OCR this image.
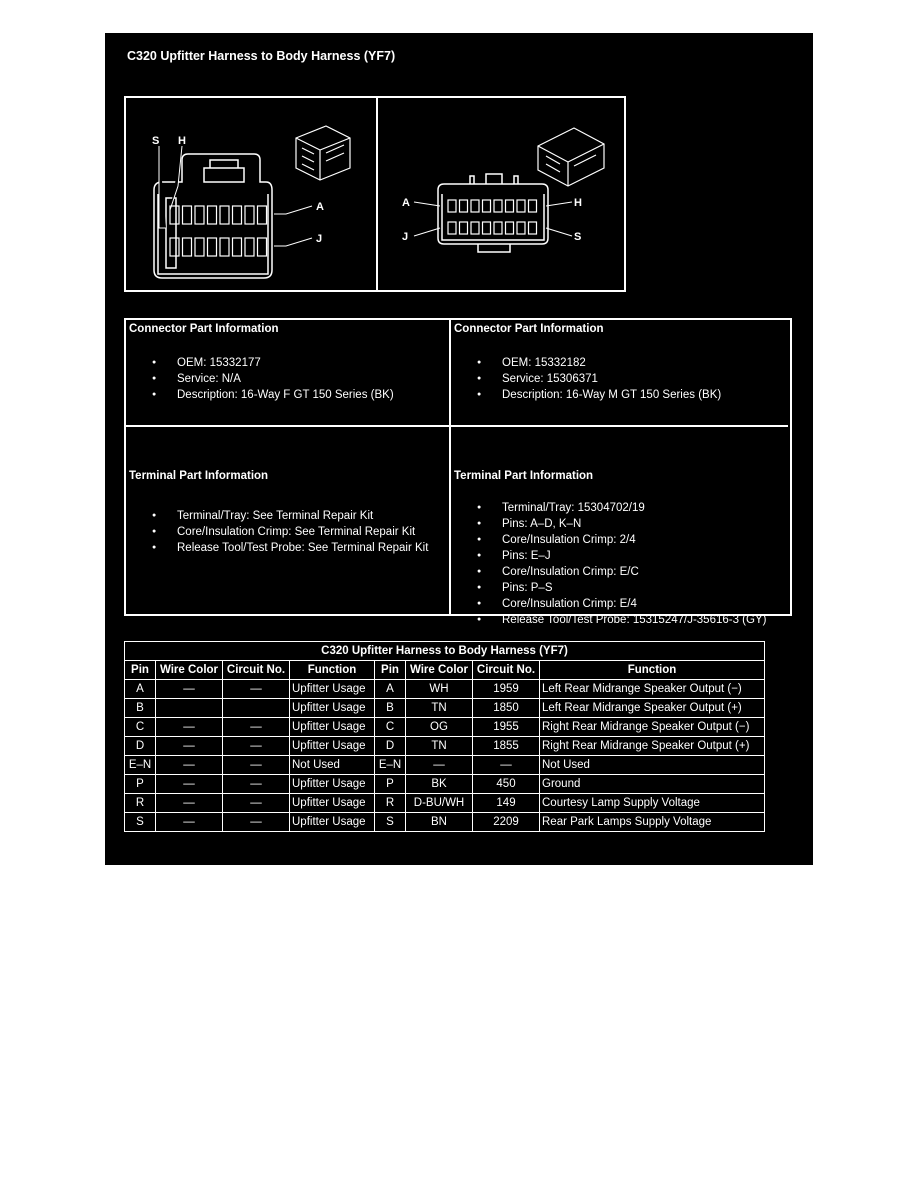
C320 Upfitter Harness to Body Harness (YF7)
S H
A
J
A	H
J	S
Connector Part Information
● OEM: 15332177
● Service: N/A
● Description: 16-Way F GT 150 Series (BK)
Connector Part Information
● OEM: 15332182
● Service: 15306371
● Description: 16-Way M GT 150 Series (BK)
Terminal Part Information
● Terminal/Tray: See Terminal Repair Kit
● Core/Insulation Crimp: See Terminal Repair Kit
● Release Tool/Test Probe: See Terminal Repair Kit
Terminal Part Information
● Terminal/Tray: 15304702/19
● Pins: A–D, K–N
● Core/Insulation Crimp: 2/4
● Pins: E–J
● Core/Insulation Crimp: E/C
● Pins: P–S
● Core/Insulation Crimp: E/4
● Release Tool/Test Probe: 15315247/J-35616-3 (GY)
C320 Upfitter Harness to Body Harness (YF7)							
Pin	Wire Color	Circuit No.	Function	Pin	Wire Color	Circuit No.	Function
A	—	—	Upfitter Usage	A	WH	1959	Left Rear Midrange Speaker Output (−)
B			Upfitter Usage	B	TN	1850	Left Rear Midrange Speaker Output (+)
C	—	—	Upfitter Usage	C	OG	1955	Right Rear Midrange Speaker Output (−)
D	—	—	Upfitter Usage	D	TN	1855	Right Rear Midrange Speaker Output (+)
E–N	—	—	Not Used	E–N	—	—	Not Used
P	—	—	Upfitter Usage	P	BK	450	Ground
R	—	—	Upfitter Usage	R	D-BU/WH	149	Courtesy Lamp Supply Voltage
S	—	—	Upfitter Usage	S	BN	2209	Rear Park Lamps Supply Voltage
